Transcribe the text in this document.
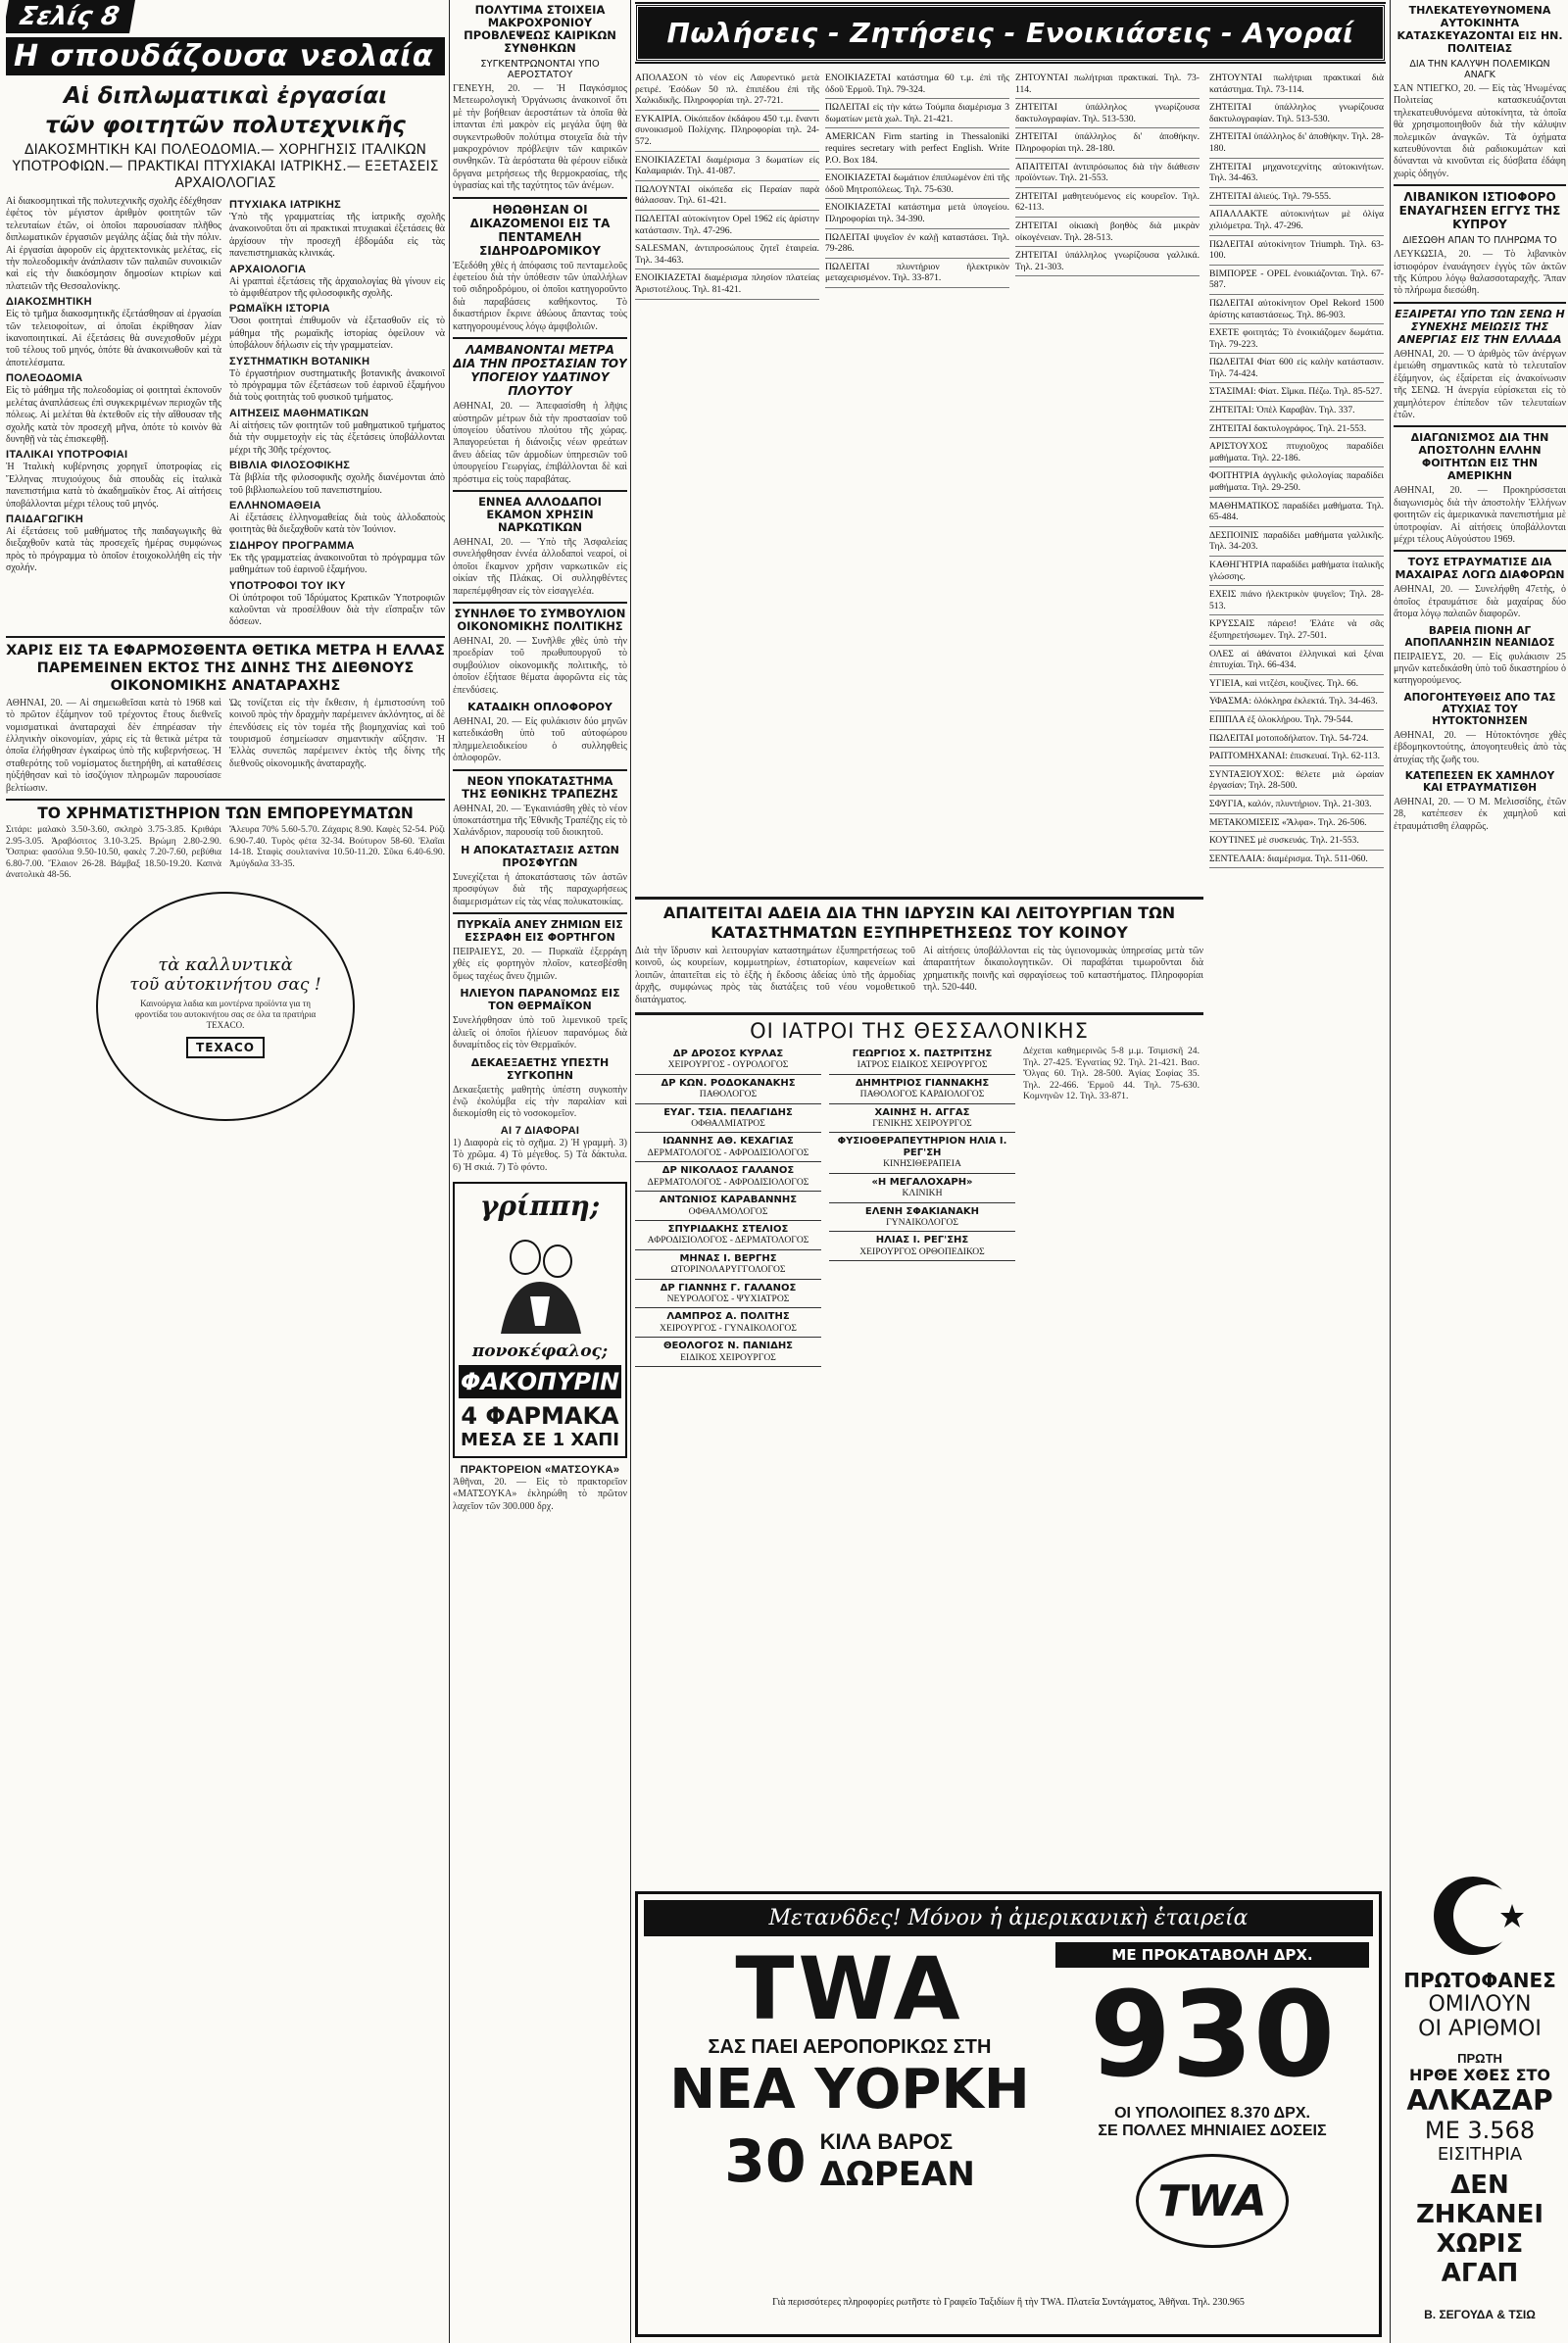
Σελίς 8
Η σπουδάζουσα νεολαία
Αἱ διπλωματικαὶ ἐργασίαι
τῶν φοιτητῶν πολυτεχνικῆς
ΔΙΑΚΟΣΜΗΤΙΚΗ ΚΑΙ ΠΟΛΕΟΔΟΜΙΑ.— ΧΟΡΗΓΗΣΙΣ ΙΤΑΛΙΚΩΝ ΥΠΟΤΡΟΦΙΩΝ.— ΠΡΑΚΤΙΚΑΙ ΠΤΥΧΙΑΚΑΙ ΙΑΤΡΙΚΗΣ.— ΕΞΕΤΑΣΕΙΣ ΑΡΧΑΙΟΛΟΓΙΑΣ

Αἱ διακοσμητικαὶ τῆς πολυτεχνικῆς σχολῆς ἐδέχθησαν ἐφέτος τὸν μέγιστον ἀριθμὸν φοιτητῶν τῶν τελευταίων ἐτῶν, οἱ ὁποῖοι παρουσίασαν πλῆθος διπλωματικῶν ἐργασιῶν μεγάλης ἀξίας διὰ τὴν πόλιν. Αἱ ἐργασίαι ἀφοροῦν εἰς ἀρχιτεκτονικὰς μελέτας, εἰς τὴν πολεοδομικὴν ἀνάπλασιν τῶν παλαιῶν συνοικιῶν καὶ εἰς τὴν διακόσμησιν δημοσίων κτιρίων καὶ πλατειῶν τῆς Θεσσαλονίκης.

ΔΙΑΚΟΣΜΗΤΙΚΗ

Εἰς τὸ τμῆμα διακοσμητικῆς ἐξετάσθησαν αἱ ἐργασίαι τῶν τελειοφοίτων, αἱ ὁποῖαι ἐκρίθησαν λίαν ἱκανοποιητικαί. Αἱ ἐξετάσεις θὰ συνεχισθοῦν μέχρι τοῦ τέλους τοῦ μηνός, ὁπότε θὰ ἀνακοινωθοῦν καὶ τὰ ἀποτελέσματα.

ΠΟΛΕΟΔΟΜΙΑ

Εἰς τὸ μάθημα τῆς πολεοδομίας οἱ φοιτηταὶ ἐκπονοῦν μελέτας ἀναπλάσεως ἐπὶ συγκεκριμένων περιοχῶν τῆς πόλεως. Αἱ μελέται θὰ ἐκτεθοῦν εἰς τὴν αἴθουσαν τῆς σχολῆς κατὰ τὸν προσεχῆ μῆνα, ὁπότε τὸ κοινὸν θὰ δυνηθῇ νὰ τὰς ἐπισκεφθῇ.

ΙΤΑΛΙΚΑΙ ΥΠΟΤΡΟΦΙΑΙ

Ἡ Ἰταλικὴ κυβέρνησις χορηγεῖ ὑποτροφίας εἰς Ἕλληνας πτυχιούχους διὰ σπουδὰς εἰς ἰταλικὰ πανεπιστήμια κατὰ τὸ ἀκαδημαϊκὸν ἔτος. Αἱ αἰτήσεις ὑποβάλλονται μέχρι τέλους τοῦ μηνός.

ΠΑΙΔΑΓΩΓΙΚΗ

Αἱ ἐξετάσεις τοῦ μαθήματος τῆς παιδαγωγικῆς θὰ διεξαχθοῦν κατὰ τὰς προσεχεῖς ἡμέρας συμφώνως πρὸς τὸ πρόγραμμα τὸ ὁποῖον ἐτοιχοκολλήθη εἰς τὴν σχολήν.

ΠΤΥΧΙΑΚΑ ΙΑΤΡΙΚΗΣ

Ὑπὸ τῆς γραμματείας τῆς ἰατρικῆς σχολῆς ἀνακοινοῦται ὅτι αἱ πρακτικαὶ πτυχιακαὶ ἐξετάσεις θὰ ἀρχίσουν τὴν προσεχῆ ἑβδομάδα εἰς τὰς πανεπιστημιακὰς κλινικάς.

ΑΡΧΑΙΟΛΟΓΙΑ

Αἱ γραπταὶ ἐξετάσεις τῆς ἀρχαιολογίας θὰ γίνουν εἰς τὸ ἀμφιθέατρον τῆς φιλοσοφικῆς σχολῆς.

ΡΩΜΑΪΚΗ ΙΣΤΟΡΙΑ

Ὅσοι φοιτηταὶ ἐπιθυμοῦν νὰ ἐξετασθοῦν εἰς τὸ μάθημα τῆς ρωμαϊκῆς ἱστορίας ὀφείλουν νὰ ὑποβάλουν δήλωσιν εἰς τὴν γραμματείαν.

ΣΥΣΤΗΜΑΤΙΚΗ ΒΟΤΑΝΙΚΗ

Τὸ ἐργαστήριον συστηματικῆς βοτανικῆς ἀνακοινοῖ τὸ πρόγραμμα τῶν ἐξετάσεων τοῦ ἐαρινοῦ ἑξαμήνου διὰ τοὺς φοιτητὰς τοῦ φυσικοῦ τμήματος.

ΑΙΤΗΣΕΙΣ ΜΑΘΗΜΑΤΙΚΩΝ

Αἱ αἰτήσεις τῶν φοιτητῶν τοῦ μαθηματικοῦ τμήματος διὰ τὴν συμμετοχὴν εἰς τὰς ἐξετάσεις ὑποβάλλονται μέχρι τῆς 30ῆς τρέχοντος.

ΒΙΒΛΙΑ ΦΙΛΟΣΟΦΙΚΗΣ

Τὰ βιβλία τῆς φιλοσοφικῆς σχολῆς διανέμονται ἀπὸ τοῦ βιβλιοπωλείου τοῦ πανεπιστημίου.

ΕΛΛΗΝΟΜΑΘΕΙΑ

Αἱ ἐξετάσεις ἑλληνομαθείας διὰ τοὺς ἀλλοδαποὺς φοιτητὰς θὰ διεξαχθοῦν κατὰ τὸν Ἰούνιον.

ΣΙΔΗΡΟΥ ΠΡΟΓΡΑΜΜΑ

Ἐκ τῆς γραμματείας ἀνακοινοῦται τὸ πρόγραμμα τῶν μαθημάτων τοῦ ἐαρινοῦ ἑξαμήνου.

ΥΠΟΤΡΟΦΟΙ ΤΟΥ ΙΚΥ

Οἱ ὑπότροφοι τοῦ Ἱδρύματος Κρατικῶν Ὑποτροφιῶν καλοῦνται νὰ προσέλθουν διὰ τὴν εἴσπραξιν τῶν δόσεων.

ΧΑΡΙΣ ΕΙΣ ΤΑ ΕΦΑΡΜΟΣΘΕΝΤΑ ΘΕΤΙΚΑ ΜΕΤΡΑ Η ΕΛΛΑΣ ΠΑΡΕΜΕΙΝΕΝ ΕΚΤΟΣ ΤΗΣ ΔΙΝΗΣ ΤΗΣ ΔΙΕΘΝΟΥΣ ΟΙΚΟΝΟΜΙΚΗΣ ΑΝΑΤΑΡΑΧΗΣ

ΑΘΗΝΑΙ, 20. — Αἱ σημειωθεῖσαι κατὰ τὸ 1968 καὶ τὸ πρῶτον ἑξάμηνον τοῦ τρέχοντος ἔτους διεθνεῖς νομισματικαὶ ἀναταραχαὶ δὲν ἐπηρέασαν τὴν ἑλληνικὴν οἰκονομίαν, χάρις εἰς τὰ θετικὰ μέτρα τὰ ὁποῖα ἐλήφθησαν ἐγκαίρως ὑπὸ τῆς κυβερνήσεως. Ἡ σταθερότης τοῦ νομίσματος διετηρήθη, αἱ καταθέσεις ηὐξήθησαν καὶ τὸ ἰσοζύγιον πληρωμῶν παρουσίασε βελτίωσιν.

Ὡς τονίζεται εἰς τὴν ἔκθεσιν, ἡ ἐμπιστοσύνη τοῦ κοινοῦ πρὸς τὴν δραχμὴν παρέμεινεν ἀκλόνητος, αἱ δὲ ἐπενδύσεις εἰς τὸν τομέα τῆς βιομηχανίας καὶ τοῦ τουρισμοῦ ἐσημείωσαν σημαντικὴν αὔξησιν. Ἡ Ἑλλὰς συνεπῶς παρέμεινεν ἐκτὸς τῆς δίνης τῆς διεθνοῦς οἰκονομικῆς ἀναταραχῆς.

ΤΟ ΧΡΗΜΑΤΙΣΤΗΡΙΟΝ ΤΩΝ ΕΜΠΟΡΕΥΜΑΤΩΝ

Σιτάρι: μαλακὸ 3.50-3.60, σκληρὸ 3.75-3.85. Κριθάρι 2.95-3.05. Ἀραβόσιτος 3.10-3.25. Βρώμη 2.80-2.90. Ὄσπρια: φασόλια 9.50-10.50, φακὲς 7.20-7.60, ρεβύθια 6.80-7.00. Ἔλαιον 26-28. Βάμβαξ 18.50-19.20. Καπνὰ ἀνατολικὰ 48-56.

Ἄλευρα 70% 5.60-5.70. Ζάχαρις 8.90. Καφὲς 52-54. Ρύζι 6.90-7.40. Τυρὸς φέτα 32-34. Βούτυρον 58-60. Ἐλαῖαι 14-18. Σταφὶς σουλτανίνα 10.50-11.20. Σῦκα 6.40-6.90. Ἀμύγδαλα 33-35.

τὰ καλλυντικὰ
τοῦ αὐτοκινήτου σας !

Καινούργια λαδια και μοντέρνα προϊόντα για τη φροντίδα του αυτοκινήτου σας σε όλα τα πρατήρια TEXACO.

TEXACO
ΠΟΛΥΤΙΜΑ ΣΤΟΙΧΕΙΑ ΜΑΚΡΟΧΡΟΝΙΟΥ ΠΡΟΒΛΕΨΕΩΣ ΚΑΙΡΙΚΩΝ ΣΥΝΘΗΚΩΝ
ΣΥΓΚΕΝΤΡΩΝΟΝΤΑΙ ΥΠΟ ΑΕΡΟΣΤΑΤΟΥ

ΓΕΝΕΥΗ, 20. — Ἡ Παγκόσμιος Μετεωρολογικὴ Ὀργάνωσις ἀνακοινοῖ ὅτι μὲ τὴν βοήθειαν ἀεροστάτων τὰ ὁποῖα θὰ ἱπτανται ἐπὶ μακρὸν εἰς μεγάλα ὕψη θὰ συγκεντρωθοῦν πολύτιμα στοιχεῖα διὰ τὴν μακροχρόνιον πρόβλεψιν τῶν καιρικῶν συνθηκῶν. Τὰ ἀερόστατα θὰ φέρουν εἰδικὰ ὄργανα μετρήσεως τῆς θερμοκρασίας, τῆς ὑγρασίας καὶ τῆς ταχύτητος τῶν ἀνέμων.

ΗΘΩΘΗΣΑΝ ΟΙ ΔΙΚΑΖΟΜΕΝΟΙ ΕΙΣ ΤΑ ΠΕΝΤΑΜΕΛΗ ΣΙΔΗΡΟΔΡΟΜΙΚΟΥ

Ἐξεδόθη χθὲς ἡ ἀπόφασις τοῦ πενταμελοῦς ἐφετείου διὰ τὴν ὑπόθεσιν τῶν ὑπαλλήλων τοῦ σιδηροδρόμου, οἱ ὁποῖοι κατηγοροῦντο διὰ παραβάσεις καθήκοντος. Τὸ δικαστήριον ἔκρινε ἀθώους ἅπαντας τοὺς κατηγορουμένους λόγῳ ἀμφιβολιῶν.

ΛΑΜΒΑΝΟΝΤΑΙ ΜΕΤΡΑ ΔΙΑ ΤΗΝ ΠΡΟΣΤΑΣΙΑΝ ΤΟΥ ΥΠΟΓΕΙΟΥ ΥΔΑΤΙΝΟΥ ΠΛΟΥΤΟΥ

ΑΘΗΝΑΙ, 20. — Ἀπεφασίσθη ἡ λῆψις αὐστηρῶν μέτρων διὰ τὴν προστασίαν τοῦ ὑπογείου ὑδατίνου πλούτου τῆς χώρας. Ἀπαγορεύεται ἡ διάνοιξις νέων φρεάτων ἄνευ ἀδείας τῶν ἁρμοδίων ὑπηρεσιῶν τοῦ ὑπουργείου Γεωργίας, ἐπιβάλλονται δὲ καὶ πρόστιμα εἰς τοὺς παραβάτας.

ΕΝΝΕΑ ΑΛΛΟΔΑΠΟΙ ΕΚΑΜΟΝ ΧΡΗΣΙΝ ΝΑΡΚΩΤΙΚΩΝ

ΑΘΗΝΑΙ, 20. — Ὑπὸ τῆς Ἀσφαλείας συνελήφθησαν ἐννέα ἀλλοδαποὶ νεαροί, οἱ ὁποῖοι ἔκαμνον χρῆσιν ναρκωτικῶν εἰς οἰκίαν τῆς Πλάκας. Οἱ συλληφθέντες παρεπέμφθησαν εἰς τὸν εἰσαγγελέα.

ΣΥΝΗΛΘΕ ΤΟ ΣΥΜΒΟΥΛΙΟΝ ΟΙΚΟΝΟΜΙΚΗΣ ΠΟΛΙΤΙΚΗΣ

ΑΘΗΝΑΙ, 20. — Συνῆλθε χθὲς ὑπὸ τὴν προεδρίαν τοῦ πρωθυπουργοῦ τὸ συμβούλιον οἰκονομικῆς πολιτικῆς, τὸ ὁποῖον ἐξήτασε θέματα ἀφορῶντα εἰς τὰς ἐπενδύσεις.

ΚΑΤΑΔΙΚΗ ΟΠΛΟΦΟΡΟΥ

ΑΘΗΝΑΙ, 20. — Εἰς φυλάκισιν δύο μηνῶν κατεδικάσθη ὑπὸ τοῦ αὐτοφώρου πλημμελειοδικείου ὁ συλληφθεὶς ὁπλοφορῶν.

ΝΕΟΝ ΥΠΟΚΑΤΑΣΤΗΜΑ ΤΗΣ ΕΘΝΙΚΗΣ ΤΡΑΠΕΖΗΣ

ΑΘΗΝΑΙ, 20. — Ἐγκαινιάσθη χθὲς τὸ νέον ὑποκατάστημα τῆς Ἐθνικῆς Τραπέζης εἰς τὸ Χαλάνδριον, παρουσίᾳ τοῦ διοικητοῦ.

Η ΑΠΟΚΑΤΑΣΤΑΣΙΣ ΑΣΤΩΝ ΠΡΟΣΦΥΓΩΝ

Συνεχίζεται ἡ ἀποκατάστασις τῶν ἀστῶν προσφύγων διὰ τῆς παραχωρήσεως διαμερισμάτων εἰς τὰς νέας πολυκατοικίας.

ΠΥΡΚΑΪΑ ΑΝΕΥ ΖΗΜΙΩΝ ΕΙΣ ΕΣΣΡΑΦΗ ΕΙΣ ΦΟΡΤΗΓΟΝ

ΠΕΙΡΑΙΕΥΣ, 20. — Πυρκαϊὰ ἐξερράγη χθὲς εἰς φορτηγὸν πλοῖον, κατεσβέσθη ὅμως ταχέως ἄνευ ζημιῶν.

ΗΛΙΕΥΟΝ ΠΑΡΑΝΟΜΩΣ ΕΙΣ ΤΟΝ ΘΕΡΜΑΪΚΟΝ

Συνελήφθησαν ὑπὸ τοῦ λιμενικοῦ τρεῖς ἁλιεῖς οἱ ὁποῖοι ἡλίευον παρανόμως διὰ δυναμίτιδος εἰς τὸν Θερμαϊκόν.

ΔΕΚΑΕΞΑΕΤΗΣ ΥΠΕΣΤΗ ΣΥΓΚΟΠΗΝ

Δεκαεξαετὴς μαθητὴς ὑπέστη συγκοπὴν ἐνῷ ἐκολύμβα εἰς τὴν παραλίαν καὶ διεκομίσθη εἰς τὸ νοσοκομεῖον.

ΑΙ 7 ΔΙΑΦΟΡΑΙ

1) Διαφορὰ εἰς τὸ σχῆμα. 2) Ἡ γραμμὴ. 3) Τὸ χρῶμα. 4) Τὸ μέγεθος. 5) Τὰ δάκτυλα. 6) Ἡ σκιά. 7) Τὸ φόντο.

γρίππη;
πονοκέφαλος;
ΦΑΚΟΠΥΡΙΝ
4 ΦΑΡΜΑΚΑ
ΜΕΣΑ ΣΕ 1 ΧΑΠΙ
ΠΡΑΚΤΟΡΕΙΟΝ «ΜΑΤΣΟΥΚΑ»

Ἀθῆναι, 20. — Εἰς τὸ πρακτορεῖον «ΜΑΤΣΟΥΚΑ» ἐκληρώθη τὸ πρῶτον λαχεῖον τῶν 300.000 δρχ.

Πωλήσεις - Ζητήσεις - Ενοικιάσεις - Αγοραί

ΑΠΟΛΑΣΟΝ τὸ νέον εἰς Λαυρεντικό μετὰ ρετιρέ. Ἐσόδων 50 πλ. ἐπιπέδου ἐπὶ τῆς Χαλκιδικῆς. Πληροφορίαι τηλ. 27-721.

ΕΥΚΑΙΡΙΑ. Οἰκόπεδον ἐκδάφου 450 τ.μ. ἔναντι συνοικισμοῦ Πολίχνης. Πληροφορίαι τηλ. 24-572.

ΕΝΟΙΚΙΑΖΕΤΑΙ διαμέρισμα 3 δωματίων εἰς Καλαμαριάν. Τηλ. 41-087.

ΠΩΛΟΥΝΤΑΙ οἰκόπεδα εἰς Περαίαν παρὰ θάλασσαν. Τηλ. 61-421.

ΠΩΛΕΙΤΑΙ αὐτοκίνητον Opel 1962 εἰς ἀρίστην κατάστασιν. Τηλ. 47-296.

SALESMAN, ἀντιπροσώπους ζητεῖ ἑταιρεία. Τηλ. 34-463.

ΕΝΟΙΚΙΑΖΕΤΑΙ διαμέρισμα πλησίον πλατείας Ἀριστοτέλους. Τηλ. 81-421.

ΕΝΟΙΚΙΑΖΕΤΑΙ κατάστημα 60 τ.μ. ἐπὶ τῆς ὁδοῦ Ἑρμοῦ. Τηλ. 79-324.

ΠΩΛΕΙΤΑΙ εἰς τὴν κάτω Τούμπα διαμέρισμα 3 δωματίων μετὰ χωλ. Τηλ. 21-421.

AMERICAN Firm starting in Thessaloniki requires secretary with perfect English. Write P.O. Box 184.

ΕΝΟΙΚΙΑΖΕΤΑΙ δωμάτιον ἐπιπλωμένον ἐπὶ τῆς ὁδοῦ Μητροπόλεως. Τηλ. 75-630.

ΕΝΟΙΚΙΑΖΕΤΑΙ κατάστημα μετὰ ὑπογείου. Πληροφορίαι τηλ. 34-390.

ΠΩΛΕΙΤΑΙ ψυγεῖον ἐν καλῇ καταστάσει. Τηλ. 79-286.

ΠΩΛΕΙΤΑΙ πλυντήριον ἠλεκτρικὸν μεταχειρισμένον. Τηλ. 33-871.

ΖΗΤΟΥΝΤΑΙ πωλήτριαι πρακτικαί. Τηλ. 73-114.

ΖΗΤΕΙΤΑΙ ὑπάλληλος γνωρίζουσα δακτυλογραφίαν. Τηλ. 513-530.

ΖΗΤΕΙΤΑΙ ὑπάλληλος δι' ἀποθήκην. Πληροφορίαι τηλ. 28-180.

ΑΠΑΙΤΕΙΤΑΙ ἀντιπρόσωπος διὰ τὴν διάθεσιν προϊόντων. Τηλ. 21-553.

ΖΗΤΕΙΤΑΙ μαθητευόμενος εἰς κουρεῖον. Τηλ. 62-113.

ΖΗΤΕΙΤΑΙ οἰκιακὴ βοηθὸς διὰ μικρὰν οἰκογένειαν. Τηλ. 28-513.

ΖΗΤΕΙΤΑΙ ὑπάλληλος γνωρίζουσα γαλλικά. Τηλ. 21-303.

ΑΠΑΙΤΕΙΤΑΙ ΑΔΕΙΑ ΔΙΑ ΤΗΝ ΙΔΡΥΣΙΝ ΚΑΙ ΛΕΙΤΟΥΡΓΙΑΝ ΤΩΝ ΚΑΤΑΣΤΗΜΑΤΩΝ ΕΞΥΠΗΡΕΤΗΣΕΩΣ ΤΟΥ ΚΟΙΝΟΥ

Διὰ τὴν ἵδρυσιν καὶ λειτουργίαν καταστημάτων ἐξυπηρετήσεως τοῦ κοινοῦ, ὡς κουρείων, κομμωτηρίων, ἐστιατορίων, καφενείων καὶ λοιπῶν, ἀπαιτεῖται εἰς τὸ ἑξῆς ἡ ἔκδοσις ἀδείας ὑπὸ τῆς ἁρμοδίας ἀρχῆς, συμφώνως πρὸς τὰς διατάξεις τοῦ νέου νομοθετικοῦ διατάγματος.

Αἱ αἰτήσεις ὑποβάλλονται εἰς τὰς ὑγειονομικὰς ὑπηρεσίας μετὰ τῶν ἀπαραιτήτων δικαιολογητικῶν. Οἱ παραβάται τιμωροῦνται διὰ χρηματικῆς ποινῆς καὶ σφραγίσεως τοῦ καταστήματος. Πληροφορίαι τηλ. 520-440.

ΟΙ ΙΑΤΡΟΙ ΤΗΣ ΘΕΣΣΑΛΟΝΙΚΗΣ
ΔΡ ΔΡΟΣΟΣ ΚΥΡΛΑΣ
ΧΕΙΡΟΥΡΓΟΣ - ΟΥΡΟΛΟΓΟΣ
ΔΡ ΚΩΝ. ΡΟΔΟΚΑΝΑΚΗΣ
ΠΑΘΟΛΟΓΟΣ
ΕΥΑΓ. ΤΣΙΑ. ΠΕΛΑΓΙΔΗΣ
ΟΦΘΑΛΜΙΑΤΡΟΣ
ΙΩΑΝΝΗΣ ΑΘ. ΚΕΧΑΓΙΑΣ
ΔΕΡΜΑΤΟΛΟΓΟΣ - ΑΦΡΟΔΙΣΙΟΛΟΓΟΣ
ΔΡ ΝΙΚΟΛΑΟΣ ΓΑΛΑΝΟΣ
ΔΕΡΜΑΤΟΛΟΓΟΣ - ΑΦΡΟΔΙΣΙΟΛΟΓΟΣ
ΑΝΤΩΝΙΟΣ ΚΑΡΑΒΑΝΝΗΣ
ΟΦΘΑΛΜΟΛΟΓΟΣ
ΣΠΥΡΙΔΑΚΗΣ ΣΤΕΛΙΟΣ
ΑΦΡΟΔΙΣΙΟΛΟΓΟΣ - ΔΕΡΜΑΤΟΛΟΓΟΣ
ΜΗΝΑΣ Ι. ΒΕΡΓΗΣ
ΩΤΟΡΙΝΟΛΑΡΥΓΓΟΛΟΓΟΣ
ΔΡ ΓΙΑΝΝΗΣ Γ. ΓΑΛΑΝΟΣ
ΝΕΥΡΟΛΟΓΟΣ - ΨΥΧΙΑΤΡΟΣ
ΛΑΜΠΡΟΣ Α. ΠΟΛΙΤΗΣ
ΧΕΙΡΟΥΡΓΟΣ - ΓΥΝΑΙΚΟΛΟΓΟΣ
ΘΕΟΛΟΓΟΣ Ν. ΠΑΝΙΔΗΣ
ΕΙΔΙΚΟΣ ΧΕΙΡΟΥΡΓΟΣ
ΓΕΩΡΓΙΟΣ Χ. ΠΑΣΤΡΙΤΣΗΣ
ΙΑΤΡΟΣ ΕΙΔΙΚΟΣ ΧΕΙΡΟΥΡΓΟΣ
ΔΗΜΗΤΡΙΟΣ ΓΙΑΝΝΑΚΗΣ
ΠΑΘΟΛΟΓΟΣ ΚΑΡΔΙΟΛΟΓΟΣ
ΧΑΙΝΗΣ Η. ΑΓΓΑΣ
ΓΕΝΙΚΗΣ ΧΕΙΡΟΥΡΓΟΣ
ΦΥΣΙΟΘΕΡΑΠΕΥΤΗΡΙΟΝ ΗΛΙΑ Ι. ΡΕΓ'ΣΗ
ΚΙΝΗΣΙΘΕΡΑΠΕΙΑ
«Η ΜΕΓΑΛΟΧΑΡΗ»
ΚΛΙΝΙΚΗ
ΕΛΕΝΗ ΣΦΑΚΙΑΝΑΚΗ
ΓΥΝΑΙΚΟΛΟΓΟΣ
ΗΛΙΑΣ Ι. ΡΕΓ'ΣΗΣ
ΧΕΙΡΟΥΡΓΟΣ ΟΡΘΟΠΕΔΙΚΟΣ

Δέχεται καθημερινῶς 5-8 μ.μ. Τσιμισκῆ 24. Τηλ. 27-425. Ἐγνατίας 92. Τηλ. 21-421. Βασ. Ὄλγας 60. Τηλ. 28-500. Ἀγίας Σοφίας 35. Τηλ. 22-466. Ἑρμοῦ 44. Τηλ. 75-630. Κομνηνῶν 12. Τηλ. 33-871.

ΖΗΤΟΥΝΤΑΙ πωλήτριαι πρακτικαί διὰ κατάστημα. Τηλ. 73-114.

ΖΗΤΕΙΤΑΙ ὑπάλληλος γνωρίζουσα δακτυλογραφίαν. Τηλ. 513-530.

ΖΗΤΕΙΤΑΙ ὑπάλληλος δι' ἀποθήκην. Τηλ. 28-180.

ΖΗΤΕΙΤΑΙ μηχανοτεχνίτης αὐτοκινήτων. Τηλ. 34-463.

ΖΗΤΕΙΤΑΙ ἀλιεύς. Τηλ. 79-555.

ΑΠΑΛΛΑΚΤΕ αὐτοκινήτων μὲ ὀλίγα χιλιόμετρα. Τηλ. 47-296.

ΠΩΛΕΙΤΑΙ αὐτοκίνητον Triumph. Τηλ. 63-100.

ΒΙΜΠΟΡΣΕ - OPEL ἐνοικιάζονται. Τηλ. 67-587.

ΠΩΛΕΙΤΑΙ αὐτοκίνητον Opel Rekord 1500 ἀρίστης καταστάσεως. Τηλ. 86-903.

ΕΧΕΤΕ φοιτητάς; Τὸ ἐνοικιάζομεν δωμάτια. Τηλ. 79-223.

ΠΩΛΕΙΤΑΙ Φίατ 600 εἰς καλὴν κατάστασιν. Τηλ. 74-424.

ΣΤΑΣΙΜΑΙ: Φίατ. Σῖμκα. Πέζω. Τηλ. 85-527.

ΖΗΤΕΙΤΑΙ: Ὀπὲλ Καραβὰν. Τηλ. 337.

ΖΗΤΕΙΤΑΙ δακτυλογράφος. Τηλ. 21-553.

ΑΡΙΣΤΟΥΧΟΣ πτυχιοῦχος παραδίδει μαθήματα. Τηλ. 22-186.

ΦΟΙΤΗΤΡΙΑ ἀγγλικῆς φιλολογίας παραδίδει μαθήματα. Τηλ. 29-250.

ΜΑΘΗΜΑΤΙΚΟΣ παραδίδει μαθήματα. Τηλ. 65-484.

ΔΕΣΠΟΙΝΙΣ παραδίδει μαθήματα γαλλικῆς. Τηλ. 34-203.

ΚΑΘΗΓΗΤΡΙΑ παραδίδει μαθήματα ἰταλικῆς γλώσσης.

ΕΧΕΙΣ πιάνο ἠλεκτρικὸν ψυγεῖον; Τηλ. 28-513.

ΚΡΥΣΣΑΙΣ πάρεισ! Ἐλάτε νὰ σᾶς ἐξυπηρετήσωμεν. Τηλ. 27-501.

ΟΛΕΣ αἱ ἀθάνατοι ἑλληνικαὶ καὶ ξέναι ἐπιτυχίαι. Τηλ. 66-434.

ΥΓΙΕΙΑ, καὶ νιτζέσι, κουζίνες. Τηλ. 66.

ΥΦΑΣΜΑ: ὁλόκληρα ἐκλεκτά. Τηλ. 34-463.

ΕΠΙΠΛΑ ἐξ ὁλοκλήρου. Τηλ. 79-544.

ΠΩΛΕΙΤΑΙ μοτοποδήλατον. Τηλ. 54-724.

ΡΑΠΤΟΜΗΧΑΝΑΙ: ἐπισκευαί. Τηλ. 62-113.

ΣΥΝΤΑΞΙΟΥΧΟΣ: θέλετε μιὰ ὡραίαν ἐργασίαν; Τηλ. 28-500.

ΣΦΥΓΙΑ, καλόν, πλυντήριον. Τηλ. 21-303.

ΜΕΤΑΚΟΜΙΣΕΙΣ «Ἄλφα». Τηλ. 26-506.

ΚΟΥΤΙΝΕΣ μὲ συσκευάς. Τηλ. 21-553.

ΣΕΝΤΕΛΑΙΑ: διαμέρισμα. Τηλ. 511-060.

Μεταν6δες! Μόνον ἡ ἀμερικανικὴ ἑταιρεία
TWA
ΣΑΣ ΠΑΕΙ ΑΕΡΟΠΟΡΙΚΩΣ ΣΤΗ
ΝΕΑ ΥΟΡΚΗ
30 ΚΙΛΑ ΒΑΡΟΣ
ΔΩΡΕΑΝ
ΜΕ ΠΡΟΚΑΤΑΒΟΛΗ ΔΡΧ.
930
ΟΙ ΥΠΟΛΟΙΠΕΣ 8.370 ΔΡΧ.
ΣΕ ΠΟΛΛΕΣ ΜΗΝΙΑΙΕΣ ΔΟΣΕΙΣ
TWA
Γιὰ περισσότερες πληροφορίες ρωτῆστε τὸ Γραφεῖο Ταξιδίων ἢ τὴν TWA. Πλατεῖα Συντάγματος, Ἀθῆναι. Τηλ. 230.965
ΤΗΛΕΚΑΤΕΥΘΥΝΟΜΕΝΑ ΑΥΤΟΚΙΝΗΤΑ ΚΑΤΑΣΚΕΥΑΖΟΝΤΑΙ ΕΙΣ ΗΝ. ΠΟΛΙΤΕΙΑΣ
ΔΙΑ ΤΗΝ ΚΑΛΥΨΗ ΠΟΛΕΜΙΚΩΝ ΑΝΑΓΚ

ΣΑΝ ΝΤΙΕΓΚΟ, 20. — Εἰς τὰς Ἡνωμένας Πολιτείας κατασκευάζονται τηλεκατευθυνόμενα αὐτοκίνητα, τὰ ὁποῖα θὰ χρησιμοποιηθοῦν διὰ τὴν κάλυψιν πολεμικῶν ἀναγκῶν. Τὰ ὀχήματα κατευθύνονται διὰ ραδιοκυμάτων καὶ δύνανται νὰ κινοῦνται εἰς δύσβατα ἐδάφη χωρὶς ὁδηγόν.

ΛΙΒΑΝΙΚΟΝ ΙΣΤΙΟΦΟΡΟ ΕΝΑΥΑΓΗΣΕΝ ΕΓΓΥΣ ΤΗΣ ΚΥΠΡΟΥ
ΔΙΕΣΩΘΗ ΑΠΑΝ ΤΟ ΠΛΗΡΩΜΑ ΤΟ

ΛΕΥΚΩΣΙΑ, 20. — Τὸ λιβανικὸν ἱστιοφόρον ἐναυάγησεν ἐγγὺς τῶν ἀκτῶν τῆς Κύπρου λόγῳ θαλασσοταραχῆς. Ἅπαν τὸ πλήρωμα διεσώθη.

ΕΞΑΙΡΕΤΑΙ ΥΠΟ ΤΩΝ ΣΕΝΩ Η ΣΥΝΕΧΗΣ ΜΕΙΩΣΙΣ ΤΗΣ ΑΝΕΡΓΙΑΣ ΕΙΣ ΤΗΝ ΕΛΛΑΔΑ

ΑΘΗΝΑΙ, 20. — Ὁ ἀριθμὸς τῶν ἀνέργων ἐμειώθη σημαντικῶς κατὰ τὸ τελευταῖον ἑξάμηνον, ὡς ἐξαίρεται εἰς ἀνακοίνωσιν τῆς ΣΕΝΩ. Ἡ ἀνεργία εὑρίσκεται εἰς τὸ χαμηλότερον ἐπίπεδον τῶν τελευταίων ἐτῶν.

ΔΙΑΓΩΝΙΣΜΟΣ ΔΙΑ ΤΗΝ ΑΠΟΣΤΟΛΗΝ ΕΛΛΗΝ ΦΟΙΤΗΤΩΝ ΕΙΣ ΤΗΝ ΑΜΕΡΙΚΗΝ

ΑΘΗΝΑΙ, 20. — Προκηρύσσεται διαγωνισμὸς διὰ τὴν ἀποστολὴν Ἑλλήνων φοιτητῶν εἰς ἀμερικανικὰ πανεπιστήμια μὲ ὑποτροφίαν. Αἱ αἰτήσεις ὑποβάλλονται μέχρι τέλους Αὐγούστου 1969.

ΤΟΥΣ ΕΤΡΑΥΜΑΤΙΣΕ ΔΙΑ ΜΑΧΑΙΡΑΣ ΛΟΓΩ ΔΙΑΦΟΡΩΝ

ΑΘΗΝΑΙ, 20. — Συνελήφθη 47ετὴς, ὁ ὁποῖος ἐτραυμάτισε διὰ μαχαίρας δύο ἄτομα λόγῳ παλαιῶν διαφορῶν.

ΒΑΡΕΙΑ ΠΙΟΝΗ ΑΓ ΑΠΟΠΛΑΝΗΣΙΝ ΝΕΑΝΙΔΟΣ

ΠΕΙΡΑΙΕΥΣ, 20. — Εἰς φυλάκισιν 25 μηνῶν κατεδικάσθη ὑπὸ τοῦ δικαστηρίου ὁ κατηγορούμενος.

ΑΠΟΓΟΗΤΕΥΘΕΙΣ ΑΠΟ ΤΑΣ ΑΤΥΧΙΑΣ ΤΟΥ ΗΥΤΟΚΤΟΝΗΣΕΝ

ΑΘΗΝΑΙ, 20. — Ηὐτοκτόνησε χθὲς ἑβδομηκοντούτης, ἀπογοητευθεὶς ἀπὸ τὰς ἀτυχίας τῆς ζωῆς του.

ΚΑΤΕΠΕΣΕΝ ΕΚ ΧΑΜΗΛΟΥ ΚΑΙ ΕΤΡΑΥΜΑΤΙΣΘΗ

ΑΘΗΝΑΙ, 20. — Ὁ Μ. Μελισσίδης, ἐτῶν 28, κατέπεσεν ἐκ χαμηλοῦ καὶ ἐτραυμάτισθη ἐλαφρῶς.

ΠΡΩΤΟΦΑΝΕΣ
ΟΜΙΛΟΥΝ
ΟΙ ΑΡΙΘΜΟΙ
ΠΡΩΤΗ
ΗΡΘΕ ΧΘΕΣ ΣΤΟ
ΑΛΚΑΖΑΡ
ΜΕ 3.568
ΕΙΣΙΤΗΡΙΑ
ΔΕΝ ΖΗΚΑΝΕΙ
ΧΩΡΙΣ ΑΓΑΠ
Β. ΣΕΓΟΥΔΑ & ΤΣΙΩ
